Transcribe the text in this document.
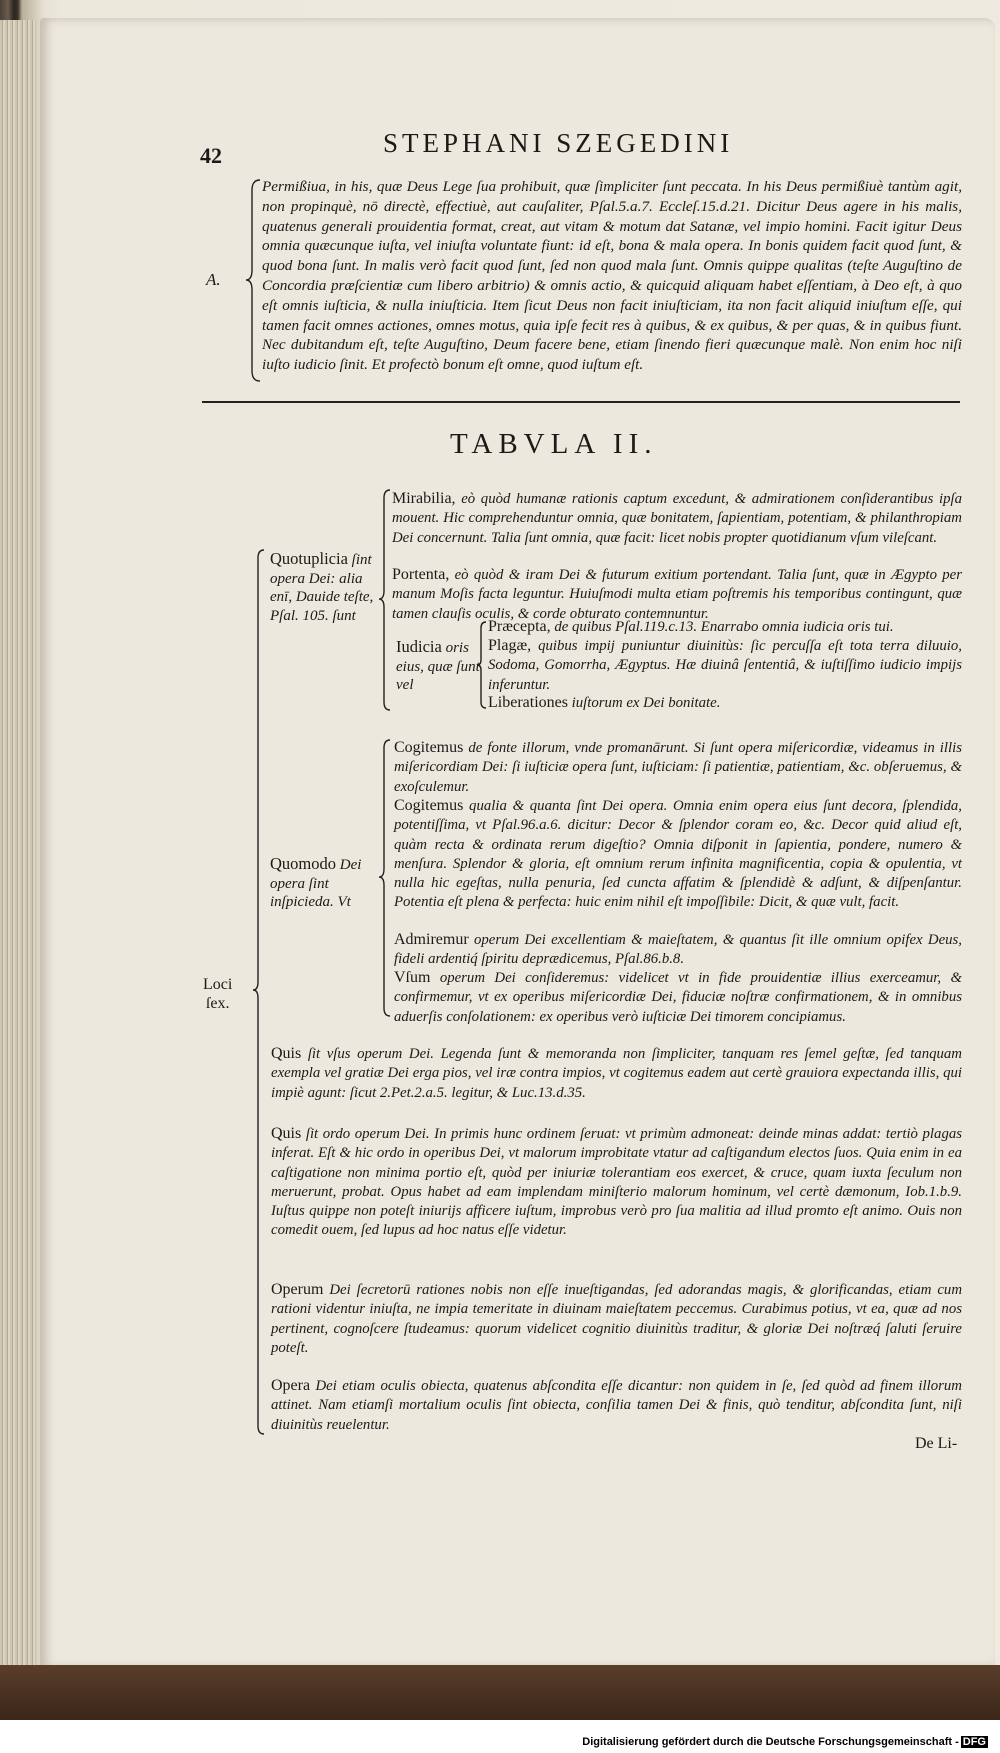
42	STEPHANI SZEGEDINI
A.
Permißiua, in his, quæ Deus Lege ſua prohibuit, quæ ſimpliciter ſunt peccata. In his Deus permißiuè tantùm agit, non propinquè, nō directè, effectiuè, aut cauſaliter, Pſal.5.a.7. Eccleſ.15.d.21. Dicitur Deus agere in his malis, quatenus generali prouidentia format, creat, aut vitam & motum dat Satanæ, vel impio homini. Facit igitur Deus omnia quæcunque iuſta, vel iniuſta voluntate fiunt: id eſt, bona & mala opera. In bonis quidem facit quod ſunt, & quod bona ſunt. In malis verò facit quod ſunt, ſed non quod mala ſunt. Omnis quippe qualitas (teſte Auguſtino de Concordia præſcientiæ cum libero arbitrio) & omnis actio, & quicquid aliquam habet eſſentiam, à Deo eſt, à quo eſt omnis iuſticia, & nulla iniuſticia. Item ſicut Deus non facit iniuſticiam, ita non facit aliquid iniuſtum eſſe, qui tamen facit omnes actiones, omnes motus, quia ipſe fecit res à quibus, & ex quibus, & per quas, & in quibus fiunt. Nec dubitandum eſt, teſte Auguſtino, Deum facere bene, etiam ſinendo fieri quæcunque malè. Non enim hoc niſi iuſto iudicio ſinit. Et profectò bonum eſt omne, quod iuſtum eſt.
TABVLA II.
Loci
ſex.
Quotuplicia ſint opera Dei: alia enī, Dauide teſte, Pſal. 105. ſunt
Mirabilia, eò quòd humanæ rationis captum excedunt, & admirationem conſiderantibus ipſa mouent. Hic comprehenduntur omnia, quæ bonitatem, ſapientiam, potentiam, & philanthropiam Dei concernunt. Talia ſunt omnia, quæ facit: licet nobis propter quotidianum vſum vileſcant.
Portenta, eò quòd & iram Dei & futurum exitium portendant. Talia ſunt, quæ in Ægypto per manum Moſis facta leguntur. Huiuſmodi multa etiam poſtremis his temporibus contingunt, quæ tamen clauſis oculis, & corde obturato contemnuntur.
Iudicia oris eius, quæ ſunt vel
Præcepta, de quibus Pſal.119.c.13. Enarrabo omnia iudicia oris tui.
Plagæ, quibus impij puniuntur diuinitùs: ſic percuſſa eſt tota terra diluuio, Sodoma, Gomorrha, Ægyptus. Hæ diuinâ ſententiâ, & iuſtiſſimo iudicio impijs inferuntur.
Liberationes iuſtorum ex Dei bonitate.
Quomodo Dei opera ſint inſpicieda. Vt
Cogitemus de fonte illorum, vnde promanārunt. Si ſunt opera miſericordiæ, videamus in illis miſericordiam Dei: ſi iuſticiæ opera ſunt, iuſticiam: ſi patientiæ, patientiam, &c. obſeruemus, & exoſculemur.
Cogitemus qualia & quanta ſint Dei opera. Omnia enim opera eius ſunt decora, ſplendida, potentiſſima, vt Pſal.96.a.6. dicitur: Decor & ſplendor coram eo, &c. Decor quid aliud eſt, quàm recta & ordinata rerum digeſtio? Omnia diſponit in ſapientia, pondere, numero & menſura. Splendor & gloria, eſt omnium rerum infinita magnificentia, copia & opulentia, vt nulla hic egeſtas, nulla penuria, ſed cuncta affatim & ſplendidè & adſunt, & diſpenſantur. Potentia eſt plena & perfecta: huic enim nihil eſt impoſſibile: Dicit, & quæ vult, facit.
Admiremur operum Dei excellentiam & maieſtatem, & quantus ſit ille omnium opifex Deus, fideli ardentiq́ ſpiritu deprædicemus, Pſal.86.b.8.
Vſum operum Dei conſideremus: videlicet vt in fide prouidentiæ illius exerceamur, & confirmemur, vt ex operibus miſericordiæ Dei, fiduciæ noſtræ confirmationem, & in omnibus aduerſis conſolationem: ex operibus verò iuſticiæ Dei timorem concipiamus.
Quis ſit vſus operum Dei. Legenda ſunt & memoranda non ſimpliciter, tanquam res ſemel geſtæ, ſed tanquam exempla vel gratiæ Dei erga pios, vel iræ contra impios, vt cogitemus eadem aut certè grauiora expectanda illis, qui impiè agunt: ſicut 2.Pet.2.a.5. legitur, & Luc.13.d.35.
Quis ſit ordo operum Dei. In primis hunc ordinem ſeruat: vt primùm admoneat: deinde minas addat: tertiò plagas inferat. Eſt & hic ordo in operibus Dei, vt malorum improbitate vtatur ad caſtigandum electos ſuos. Quia enim in ea caſtigatione non minima portio eſt, quòd per iniuriæ tolerantiam eos exercet, & cruce, quam iuxta ſeculum non meruerunt, probat. Opus habet ad eam implendam miniſterio malorum hominum, vel certè dæmonum, Iob.1.b.9. Iuſtus quippe non poteſt iniurijs afficere iuſtum, improbus verò pro ſua malitia ad illud promto eſt animo. Ouis non comedit ouem, ſed lupus ad hoc natus eſſe videtur.
Operum Dei ſecretorū rationes nobis non eſſe inueſtigandas, ſed adorandas magis, & glorificandas, etiam cum rationi videntur iniuſta, ne impia temeritate in diuinam maieſtatem peccemus. Curabimus potius, vt ea, quæ ad nos pertinent, cognoſcere ſtudeamus: quorum videlicet cognitio diuinitùs traditur, & gloriæ Dei noſtræq́ ſaluti ſeruire poteſt.
Opera Dei etiam oculis obiecta, quatenus abſcondita eſſe dicantur: non quidem in ſe, ſed quòd ad finem illorum attinet. Nam etiamſi mortalium oculis ſint obiecta, conſilia tamen Dei & finis, quò tenditur, abſcondita ſunt, niſi diuinitùs reuelentur.
De Li-
Digitalisierung gefördert durch die Deutsche Forschungsgemeinschaft - DFG
